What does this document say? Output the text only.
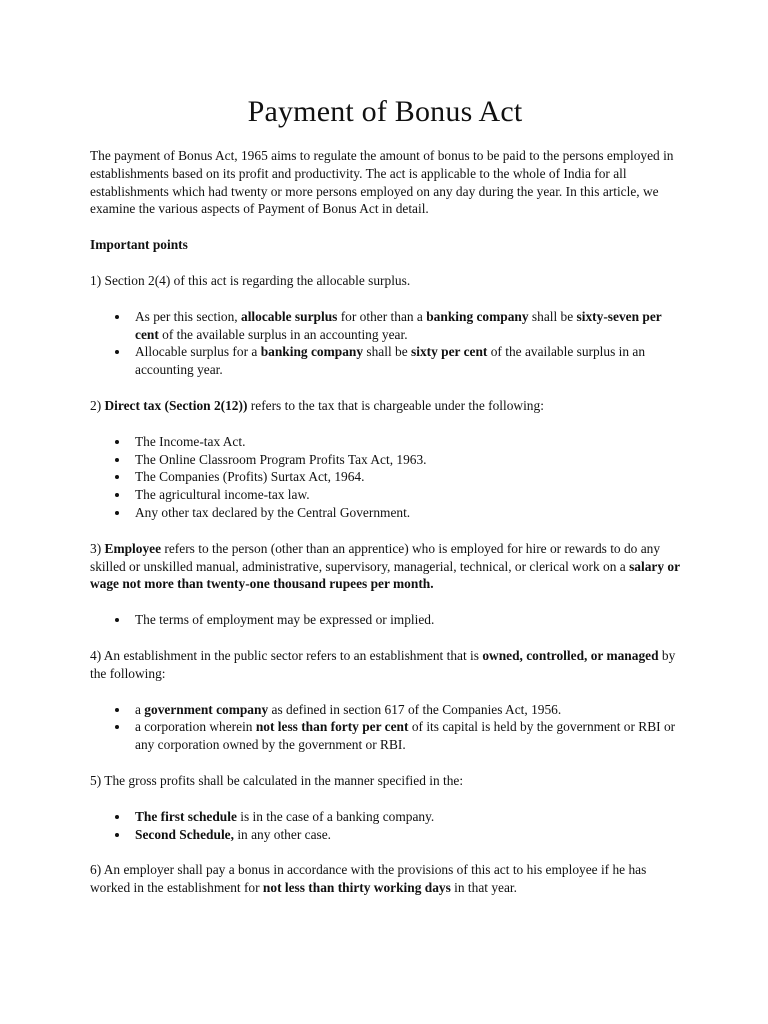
Payment of Bonus Act

The payment of Bonus Act, 1965 aims to regulate the amount of bonus to be paid to the persons employed in establishments based on its profit and productivity. The act is applicable to the whole of India for all establishments which had twenty or more persons employed on any day during the year. In this article, we examine the various aspects of Payment of Bonus Act in detail.

Important points

1) Section 2(4) of this act is regarding the allocable surplus.

As per this section, allocable surplus for other than a banking company shall be sixty-seven per cent of the available surplus in an accounting year.
Allocable surplus for a banking company shall be sixty per cent of the available surplus in an accounting year.

2) Direct tax (Section 2(12)) refers to the tax that is chargeable under the following:

The Income-tax Act.
The Online Classroom Program Profits Tax Act, 1963.
The Companies (Profits) Surtax Act, 1964.
The agricultural income-tax law.
Any other tax declared by the Central Government.

3) Employee refers to the person (other than an apprentice) who is employed for hire or rewards to do any skilled or unskilled manual, administrative, supervisory, managerial, technical, or clerical work on a salary or wage not more than twenty-one thousand rupees per month.

The terms of employment may be expressed or implied.

4) An establishment in the public sector refers to an establishment that is owned, controlled, or managed by the following:

a government company as defined in section 617 of the Companies Act, 1956.
a corporation wherein not less than forty per cent of its capital is held by the government or RBI or any corporation owned by the government or RBI.

5) The gross profits shall be calculated in the manner specified in the:

The first schedule is in the case of a banking company.
Second Schedule, in any other case.

6) An employer shall pay a bonus in accordance with the provisions of this act to his employee if he has worked in the establishment for not less than thirty working days in that year.
